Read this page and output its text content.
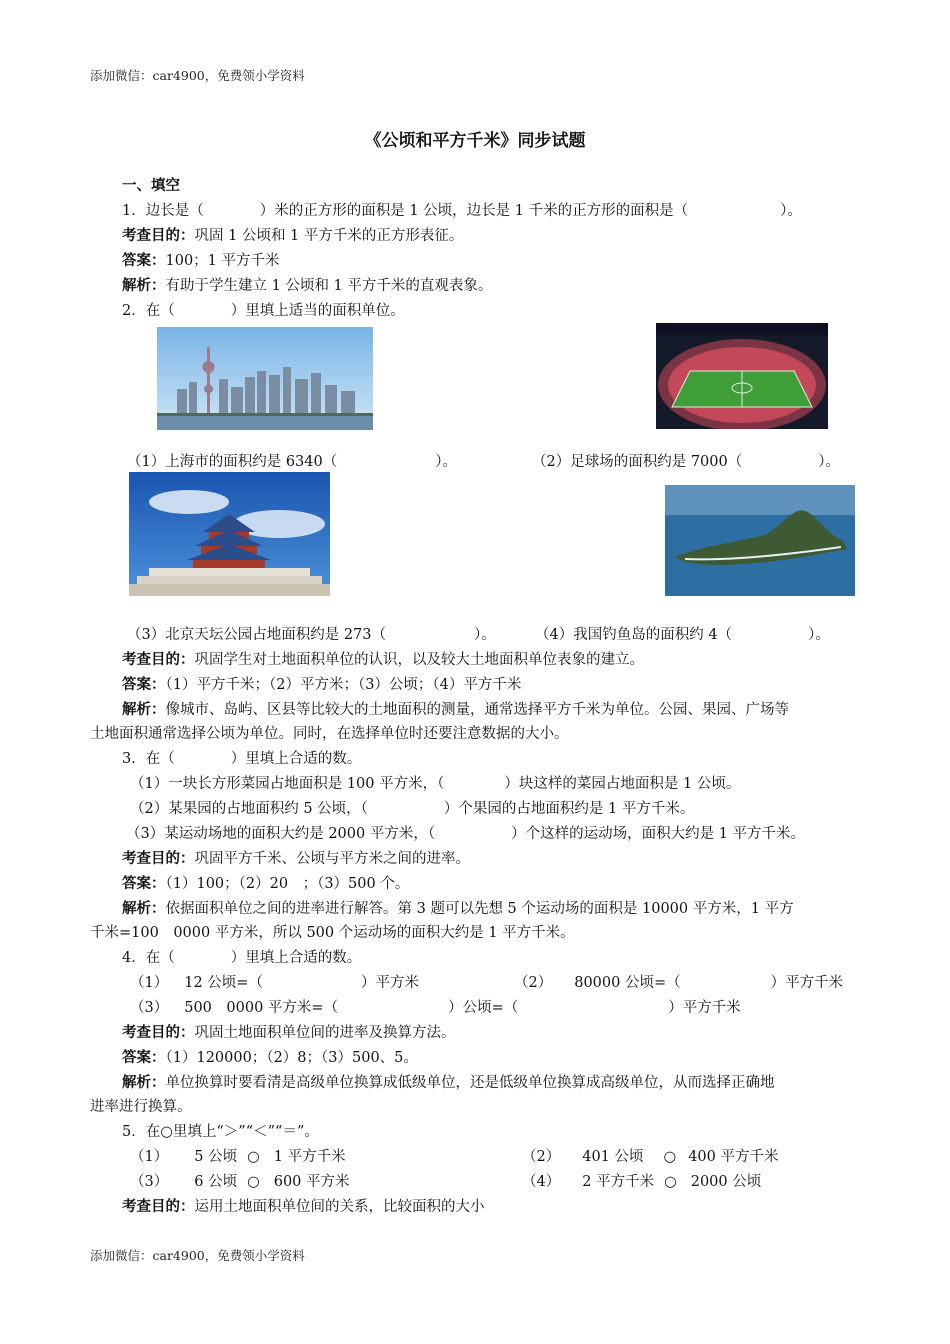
添加微信：car4900，免费领小学资料
添加微信：car4900，免费领小学资料
《公顷和平方千米》同步试题
一、填空
1．边长是（	）米的正方形的面积是 1 公顷，边长是 1 千米的正方形的面积是（	）。
考查目的：巩固 1 公顷和 1 平方千米的正方形表征。
答案：100；1 平方千米
解析：有助于学生建立 1 公顷和 1 平方千米的直观表象。
2．在（	）里填上适当的面积单位。
（1）上海市的面积约是 6340（	）。	（2）足球场的面积约是 7000（	）。
（3）北京天坛公园占地面积约是 273（	）。	（4）我国钓鱼岛的面积约 4（	）。
考查目的：巩固学生对土地面积单位的认识，以及较大土地面积单位表象的建立。
答案：（1）平方千米；（2）平方米；（3）公顷；（4）平方千米
解析：像城市、岛屿、区县等比较大的土地面积的测量，通常选择平方千米为单位。公园、果园、广场等
土地面积通常选择公顷为单位。同时，在选择单位时还要注意数据的大小。
3．在（	）里填上合适的数。
（1）一块长方形菜园占地面积是 100 平方米，（	）块这样的菜园占地面积是 1 公顷。
（2）某果园的占地面积约 5 公顷，（	）个果园的占地面积约是 1 平方千米。
（3）某运动场地的面积大约是 2000 平方米，（	）个这样的运动场，面积大约是 1 平方千米。
考查目的：巩固平方千米、公顷与平方米之间的进率。
答案：（1）100；（2）20　；（3）500 个。
解析：依据面积单位之间的进率进行解答。第 3 题可以先想 5 个运动场的面积是 10000 平方米，1 平方
千米=100　0000 平方米，所以 500 个运动场的面积大约是 1 平方千米。
4．在（	）里填上合适的数。
（1） 12 公顷=（	）平方米	（2） 80000 公顷=（	）平方千米
（3） 500　0000 平方米=（	）公顷=（	）平方千米
考查目的：巩固土地面积单位间的进率及换算方法。
答案：（1）120000；（2）8；（3）500、5。
解析：单位换算时要看清是高级单位换算成低级单位，还是低级单位换算成高级单位，从而选择正确地
进率进行换算。
5．在○里填上“＞”“＜”“＝”。
（1） 5 公顷 ○ 1 平方千米	（2） 401 公顷 ○ 400 平方千米
（3） 6 公顷 ○ 600 平方米	（4） 2 平方千米 ○ 2000 公顷
考查目的：运用土地面积单位间的关系，比较面积的大小
